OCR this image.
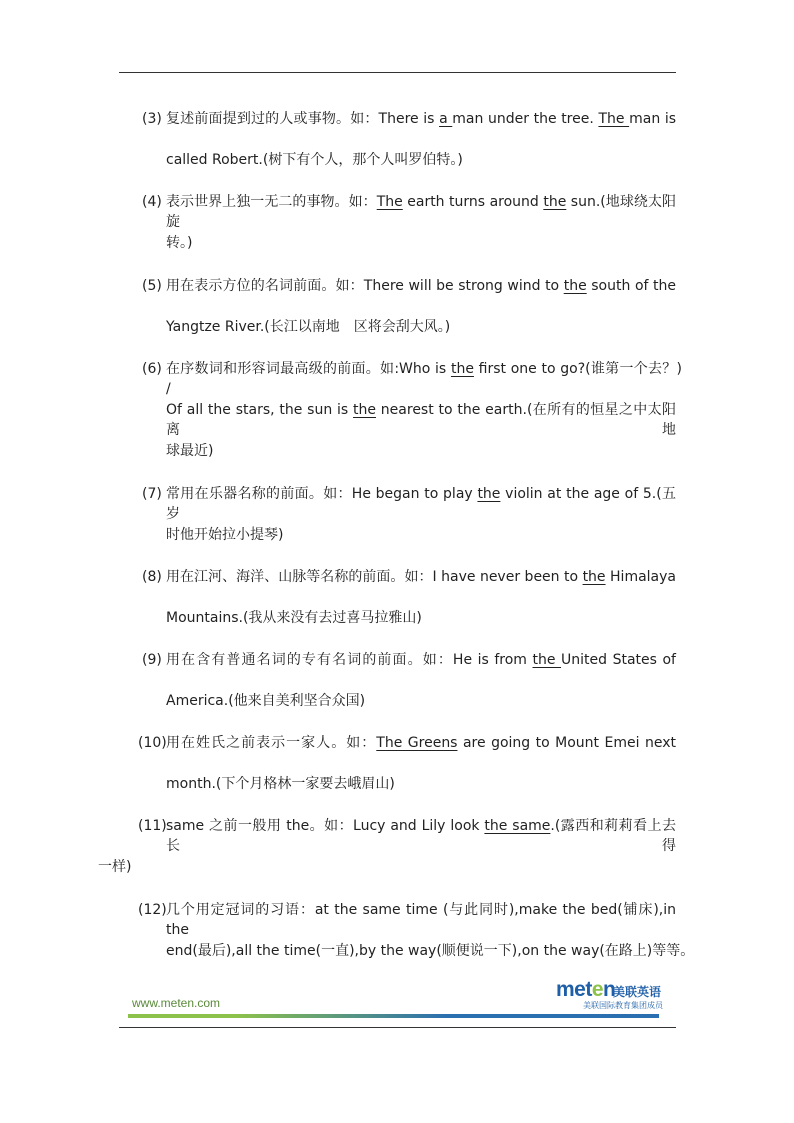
(3) 复述前面提到过的人或事物。如：There is a man under the tree. The man is
called Robert.(树下有个人，那个人叫罗伯特。)
(4) 表示世界上独一无二的事物。如：The earth turns around the sun.(地球绕太阳旋
转。)
(5) 用在表示方位的名词前面。如：There will be strong wind to the south of the
Yangtze River.(长江以南地　区将会刮大风。)
(6) 在序数词和形容词最高级的前面。如:Who is the first one to go?(谁第一个去？) /
Of all the stars, the sun is the nearest to the earth.(在所有的恒星之中太阳离地
球最近)
(7) 常用在乐器名称的前面。如：He began to play the violin at the age of 5.(五岁
时他开始拉小提琴)
(8) 用在江河、海洋、山脉等名称的前面。如：I have never been to the Himalaya
Mountains.(我从来没有去过喜马拉雅山)
(9) 用在含有普通名词的专有名词的前面。如：He is from the United States of
America.(他来自美利坚合众国)
(10) 用在姓氏之前表示一家人。如：The Greens are going to Mount Emei next
month.(下个月格林一家要去峨眉山)
(11) same 之前一般用 the。如：Lucy and Lily look the same.(露西和莉莉看上去长得
一样)
(12) 几个用定冠词的习语：at the same time (与此同时),make the bed(铺床),in the
end(最后),all the time(一直),by the way(顺便说一下),on the way(在路上)等等。
www.meten.com
meten
美联英语
美联国际教育集团成员
